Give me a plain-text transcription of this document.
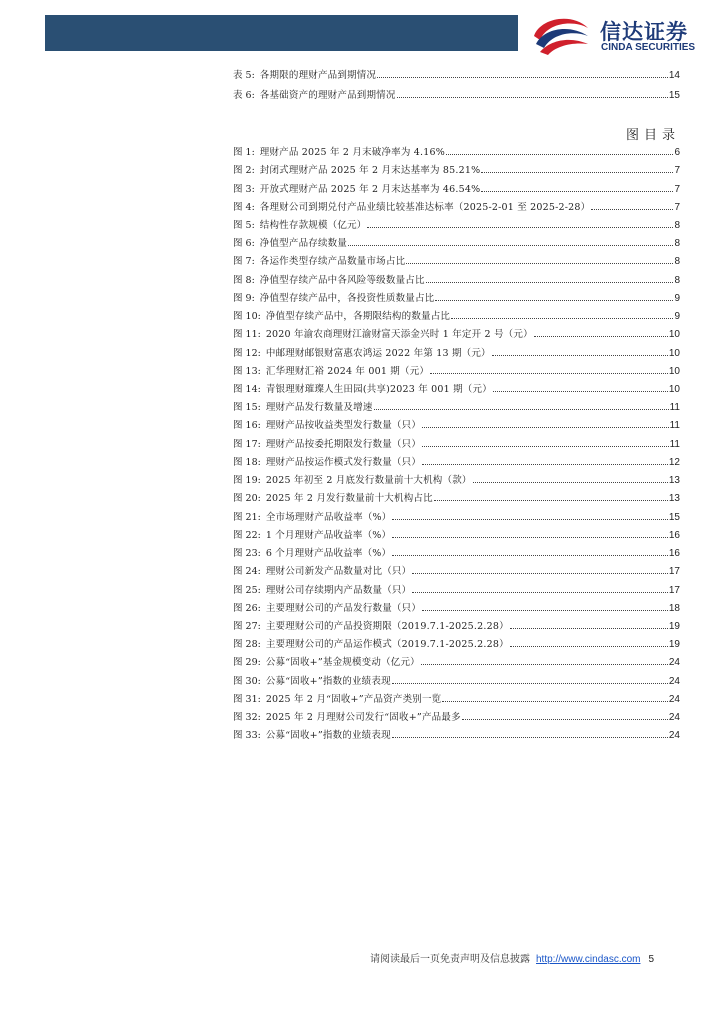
信达证券
CINDA SECURITIES
表 5: 各期限的理财产品到期情况	14
表 6: 各基础资产的理财产品到期情况	15
图目录
图 1: 理财产品 2025 年 2 月末破净率为 4.16%	6
图 2: 封闭式理财产品 2025 年 2 月末达基率为 85.21%	7
图 3: 开放式理财产品 2025 年 2 月末达基率为 46.54%	7
图 4: 各理财公司到期兑付产品业绩比较基准达标率（2025-2-01 至 2025-2-28）	7
图 5: 结构性存款规模（亿元）	8
图 6: 净值型产品存续数量	8
图 7: 各运作类型存续产品数量市场占比	8
图 8: 净值型存续产品中各风险等级数量占比	8
图 9: 净值型存续产品中，各投资性质数量占比	9
图 10: 净值型存续产品中，各期限结构的数量占比	9
图 11: 2020 年渝农商理财江渝财富天添金兴时 1 年定开 2 号（元）	10
图 12: 中邮理财邮银财富惠农鸿运 2022 年第 13 期（元）	10
图 13: 汇华理财汇裕 2024 年 001 期（元）	10
图 14: 青银理财璀璨人生田园(共享)2023 年 001 期（元）	10
图 15: 理财产品发行数量及增速	11
图 16: 理财产品按收益类型发行数量（只）	11
图 17: 理财产品按委托期限发行数量（只）	11
图 18: 理财产品按运作模式发行数量（只）	12
图 19: 2025 年初至 2 月底发行数量前十大机构（款）	13
图 20: 2025 年 2 月发行数量前十大机构占比	13
图 21: 全市场理财产品收益率（%）	15
图 22: 1 个月理财产品收益率（%）	16
图 23: 6 个月理财产品收益率（%）	16
图 24: 理财公司新发产品数量对比（只）	17
图 25: 理财公司存续期内产品数量（只）	17
图 26: 主要理财公司的产品发行数量（只）	18
图 27: 主要理财公司的产品投资期限（2019.7.1-2025.2.28）	19
图 28: 主要理财公司的产品运作模式（2019.7.1-2025.2.28）	19
图 29: 公募“固收+”基金规模变动（亿元）	24
图 30: 公募“固收+”指数的业绩表现	24
图 31: 2025 年 2 月“固收+”产品资产类别一览	24
图 32: 2025 年 2 月理财公司发行“固收+”产品最多	24
图 33: 公募“固收+”指数的业绩表现	24
请阅读最后一页免责声明及信息披露 http://www.cindasc.com 5
